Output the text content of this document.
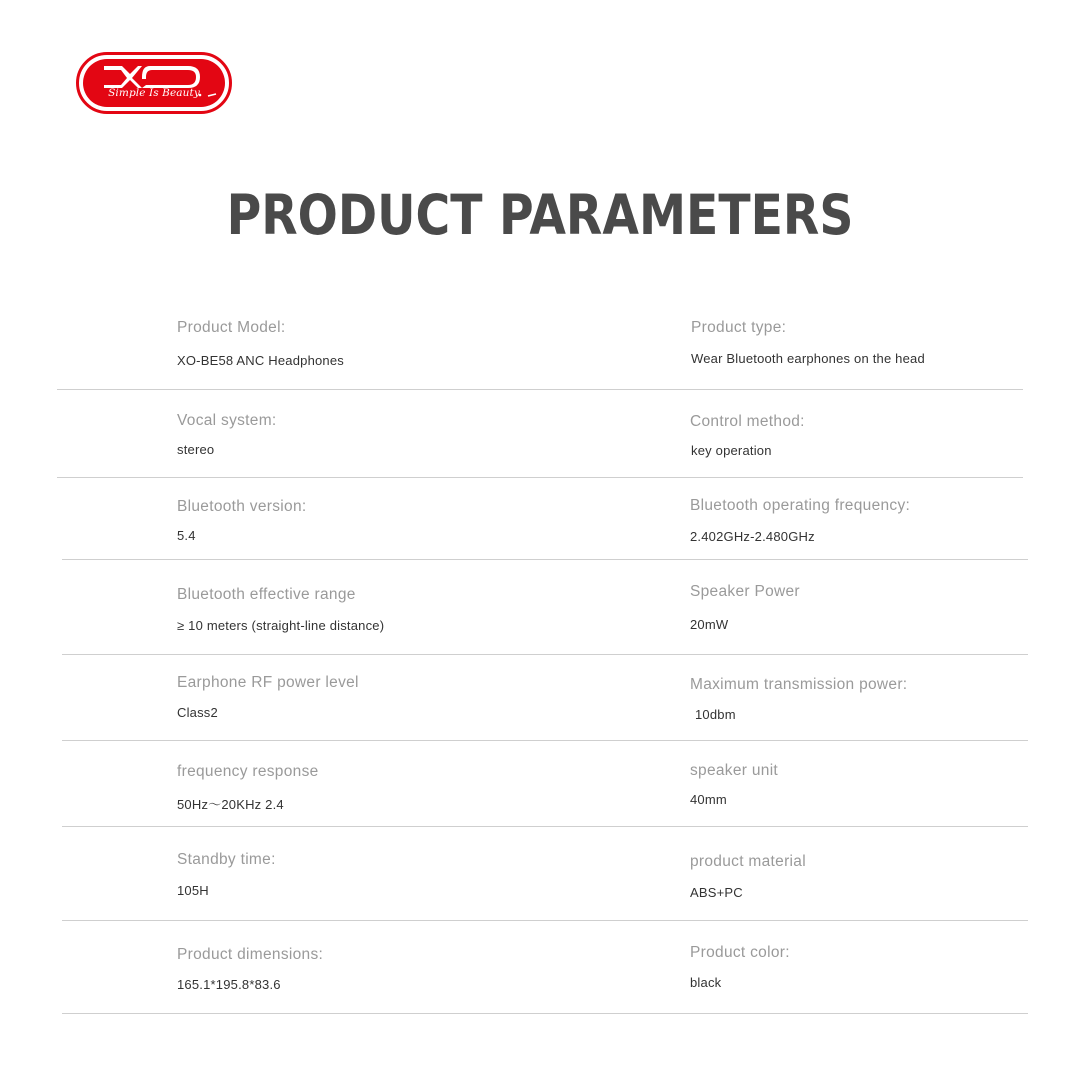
Simple Is Beauty
PRODUCT PARAMETERS
Product Model:
XO-BE58 ANC Headphones
Product type:
Wear Bluetooth earphones on the head
Vocal system:
stereo
Control method:
key operation
Bluetooth version:
5.4
Bluetooth operating frequency:
2.402GHz-2.480GHz
Bluetooth effective range
≥ 10 meters (straight-line distance)
Speaker Power
20mW
Earphone RF power level
Class2
Maximum transmission power:
10dbm
frequency response
50Hz～20KHz 2.4
speaker unit
40mm
Standby time:
105H
product material
ABS+PC
Product dimensions:
165.1*195.8*83.6
Product color:
black
